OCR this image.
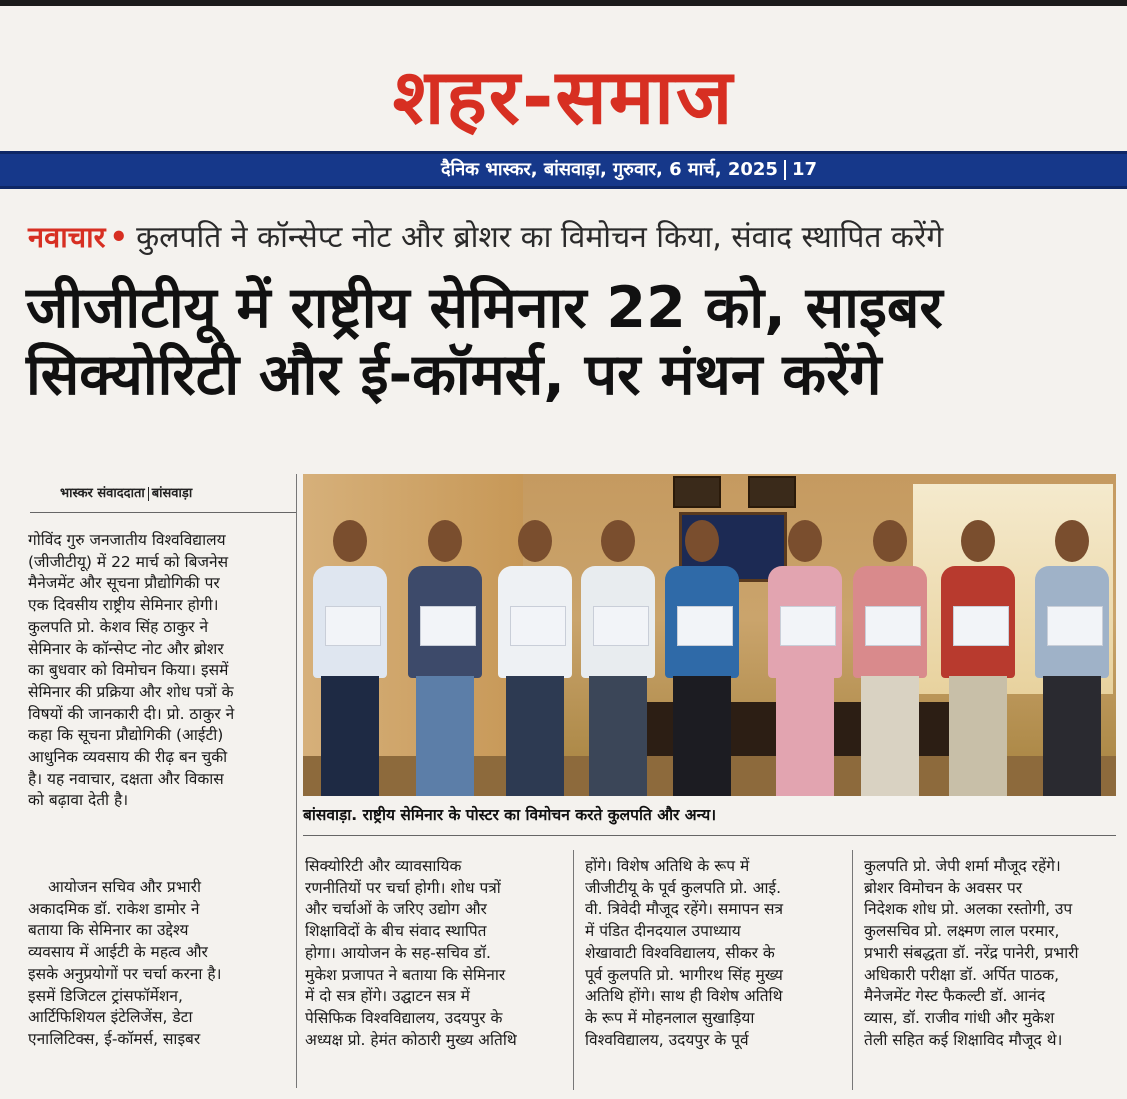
शहर-समाज
दैनिक भास्कर, बांसवाड़ा, गुरुवार, 6 मार्च, 2025 17
नवाचार • कुलपति ने कॉन्सेप्ट नोट और ब्रोशर का विमोचन किया, संवाद स्थापित करेंगे
जीजीटीयू में राष्ट्रीय सेमिनार 22 को, साइबर
सिक्योरिटी और ई-कॉमर्स, पर मंथन करेंगे
भास्कर संवाददाता बांसवाड़ा
गोविंद गुरु जनजातीय विश्वविद्यालय
(जीजीटीयू) में 22 मार्च को बिजनेस
मैनेजमेंट और सूचना प्रौद्योगिकी पर
एक दिवसीय राष्ट्रीय सेमिनार होगी।
कुलपति प्रो. केशव सिंह ठाकुर ने
सेमिनार के कॉन्सेप्ट नोट और ब्रोशर
का बुधवार को विमोचन किया। इसमें
सेमिनार की प्रक्रिया और शोध पत्रों के
विषयों की जानकारी दी। प्रो. ठाकुर ने
कहा कि सूचना प्रौद्योगिकी (आईटी)
आधुनिक व्यवसाय की रीढ़ बन चुकी
है। यह नवाचार, दक्षता और विकास
को बढ़ावा देती है।
आयोजन सचिव और प्रभारी
अकादमिक डॉ. राकेश डामोर ने
बताया कि सेमिनार का उद्देश्य
व्यवसाय में आईटी के महत्व और
इसके अनुप्रयोगों पर चर्चा करना है।
इसमें डिजिटल ट्रांसफॉर्मेशन,
आर्टिफिशियल इंटेलिजेंस, डेटा
एनालिटिक्स, ई-कॉमर्स, साइबर
बांसवाड़ा. राष्ट्रीय सेमिनार के पोस्टर का विमोचन करते कुलपति और अन्य।
सिक्योरिटी और व्यावसायिक
रणनीतियों पर चर्चा होगी। शोध पत्रों
और चर्चाओं के जरिए उद्योग और
शिक्षाविदों के बीच संवाद स्थापित
होगा। आयोजन के सह-सचिव डॉ.
मुकेश प्रजापत ने बताया कि सेमिनार
में दो सत्र होंगे। उद्घाटन सत्र में
पेसिफिक विश्वविद्यालय, उदयपुर के
अध्यक्ष प्रो. हेमंत कोठारी मुख्य अतिथि
होंगे। विशेष अतिथि के रूप में
जीजीटीयू के पूर्व कुलपति प्रो. आई.
वी. त्रिवेदी मौजूद रहेंगे। समापन सत्र
में पंडित दीनदयाल उपाध्याय
शेखावाटी विश्वविद्यालय, सीकर के
पूर्व कुलपति प्रो. भागीरथ सिंह मुख्य
अतिथि होंगे। साथ ही विशेष अतिथि
के रूप में मोहनलाल सुखाड़िया
विश्वविद्यालय, उदयपुर के पूर्व
कुलपति प्रो. जेपी शर्मा मौजूद रहेंगे।
ब्रोशर विमोचन के अवसर पर
निदेशक शोध प्रो. अलका रस्तोगी, उप
कुलसचिव प्रो. लक्ष्मण लाल परमार,
प्रभारी संबद्धता डॉ. नरेंद्र पानेरी, प्रभारी
अधिकारी परीक्षा डॉ. अर्पित पाठक,
मैनेजमेंट गेस्ट फैकल्टी डॉ. आनंद
व्यास, डॉ. राजीव गांधी और मुकेश
तेली सहित कई शिक्षाविद मौजूद थे।
